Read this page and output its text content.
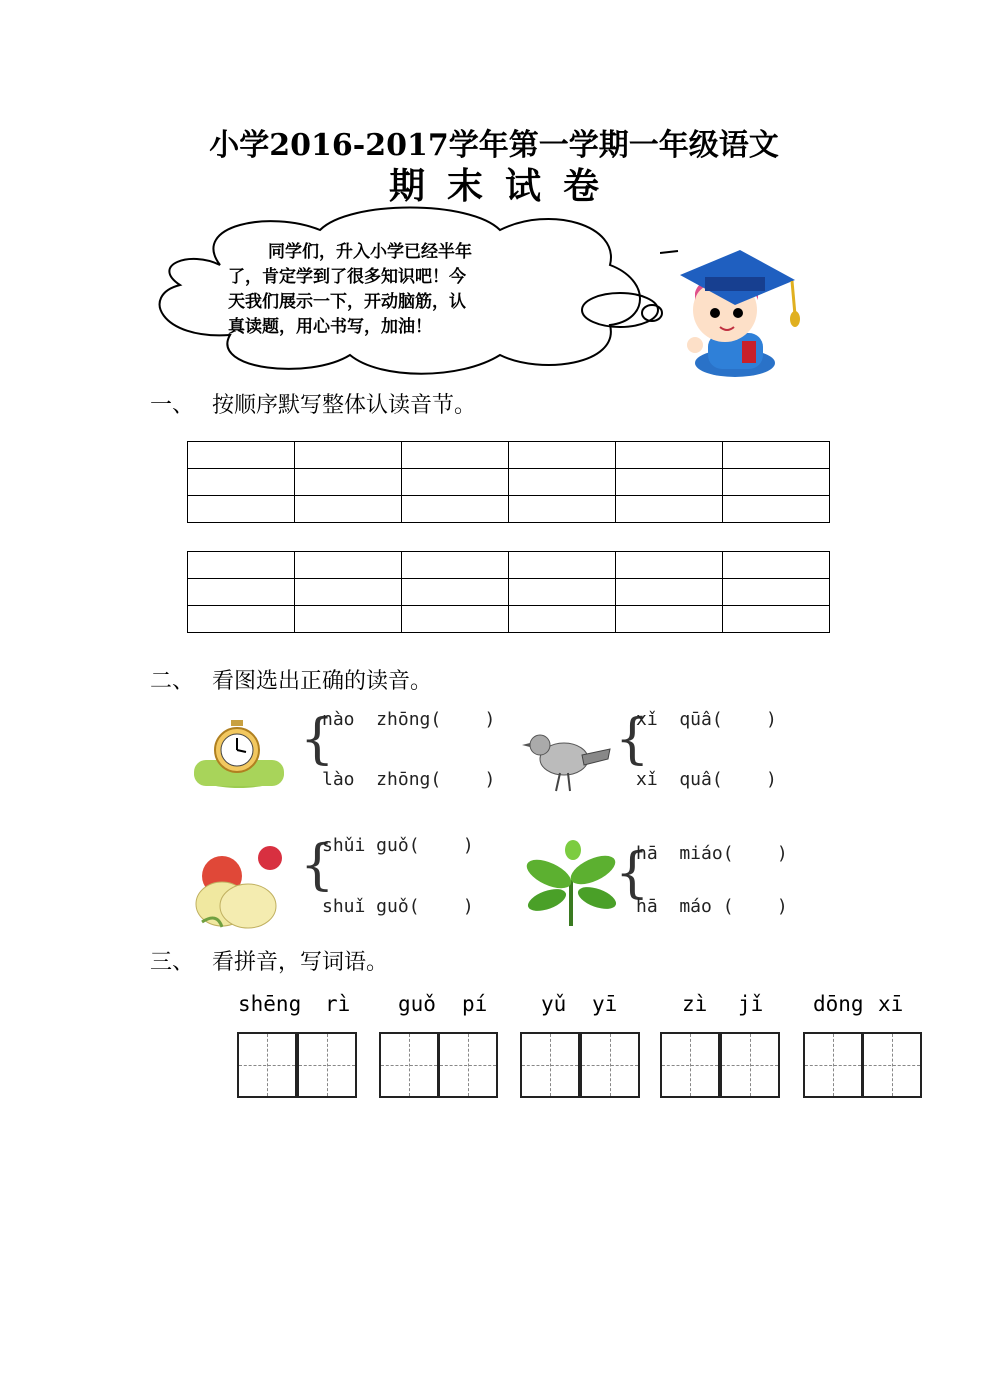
小学2016-2017学年第一学期一年级语文
期末试卷
同学们，升入小学已经半年
了，肯定学到了很多知识吧！今
天我们展示一下，开动脑筋，认
真读题，用心书写，加油！
一、 按顺序默写整体认读音节。

二、 看图选出正确的读音。
{
nào  zhōng(    )
lào  zhōng(    )
{
xǐ  qūâ(    )
xǐ  quâ(    )
{
shǔi guǒ(    )
shuǐ guǒ(    )
{
hā  miáo(    )
hā  máo (    )
三、 看拼音，写词语。
shēng rì guǒ pí	yǔ yī	zì jǐ dōng xī
